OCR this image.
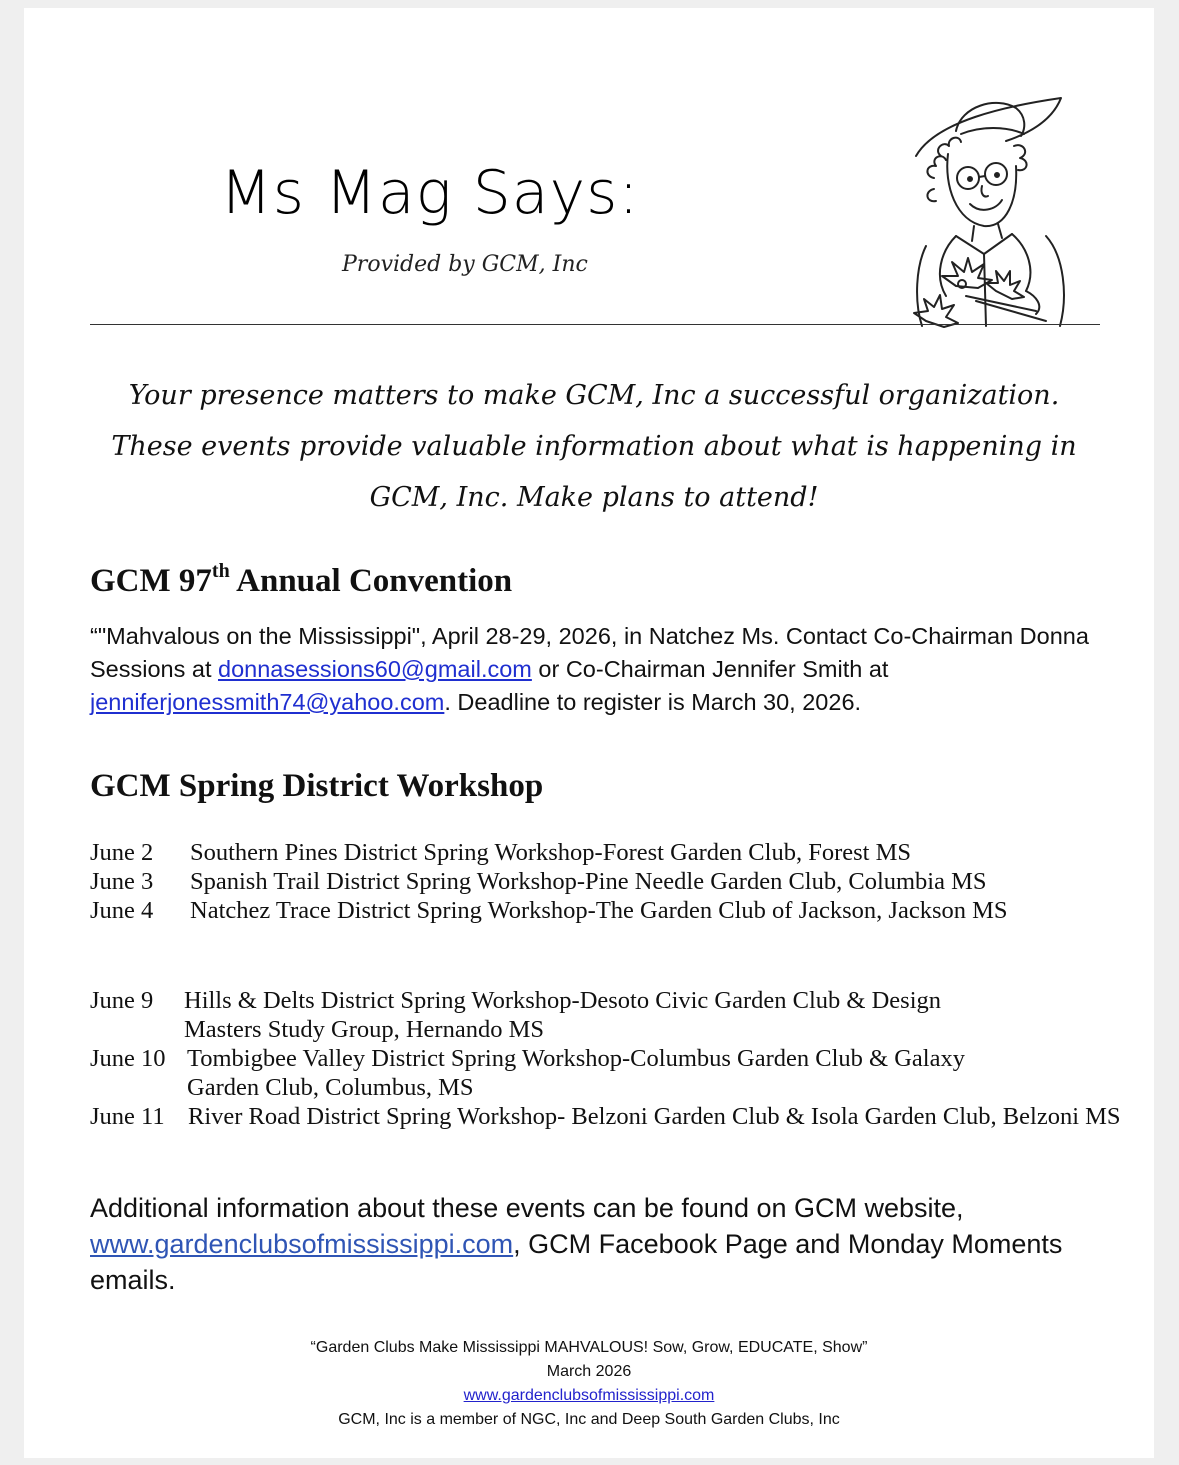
Ms Mag Says:
Provided by GCM, Inc
Your presence matters to make GCM, Inc a successful organization. These events provide valuable information about what is happening in GCM, Inc. Make plans to attend!
GCM 97th Annual Convention
“"Mahvalous on the Mississippi", April 28-29, 2026, in Natchez Ms. Contact Co-Chairman Donna Sessions at donnasessions60@gmail.com or Co-Chairman Jennifer Smith at jenniferjonessmith74@yahoo.com. Deadline to register is March 30, 2026.
GCM Spring District Workshop
June 2	Southern Pines District Spring Workshop-Forest Garden Club, Forest MS
June 3	Spanish Trail District Spring Workshop-Pine Needle Garden Club, Columbia MS
June 4	Natchez Trace District Spring Workshop-The Garden Club of Jackson, Jackson MS
June 9	Hills & Delts District Spring Workshop-Desoto Civic Garden Club & Design Masters Study Group, Hernando MS
June 10 Tombigbee Valley District Spring Workshop-Columbus Garden Club & Galaxy Garden Club, Columbus, MS
June 11 River Road District Spring Workshop- Belzoni Garden Club & Isola Garden Club, Belzoni MS
Additional information about these events can be found on GCM website, www.gardenclubsofmississippi.com, GCM Facebook Page and Monday Moments emails.
“Garden Clubs Make Mississippi MAHVALOUS! Sow, Grow, EDUCATE, Show”
March 2026
www.gardenclubsofmississippi.com
GCM, Inc is a member of NGC, Inc and Deep South Garden Clubs, Inc
